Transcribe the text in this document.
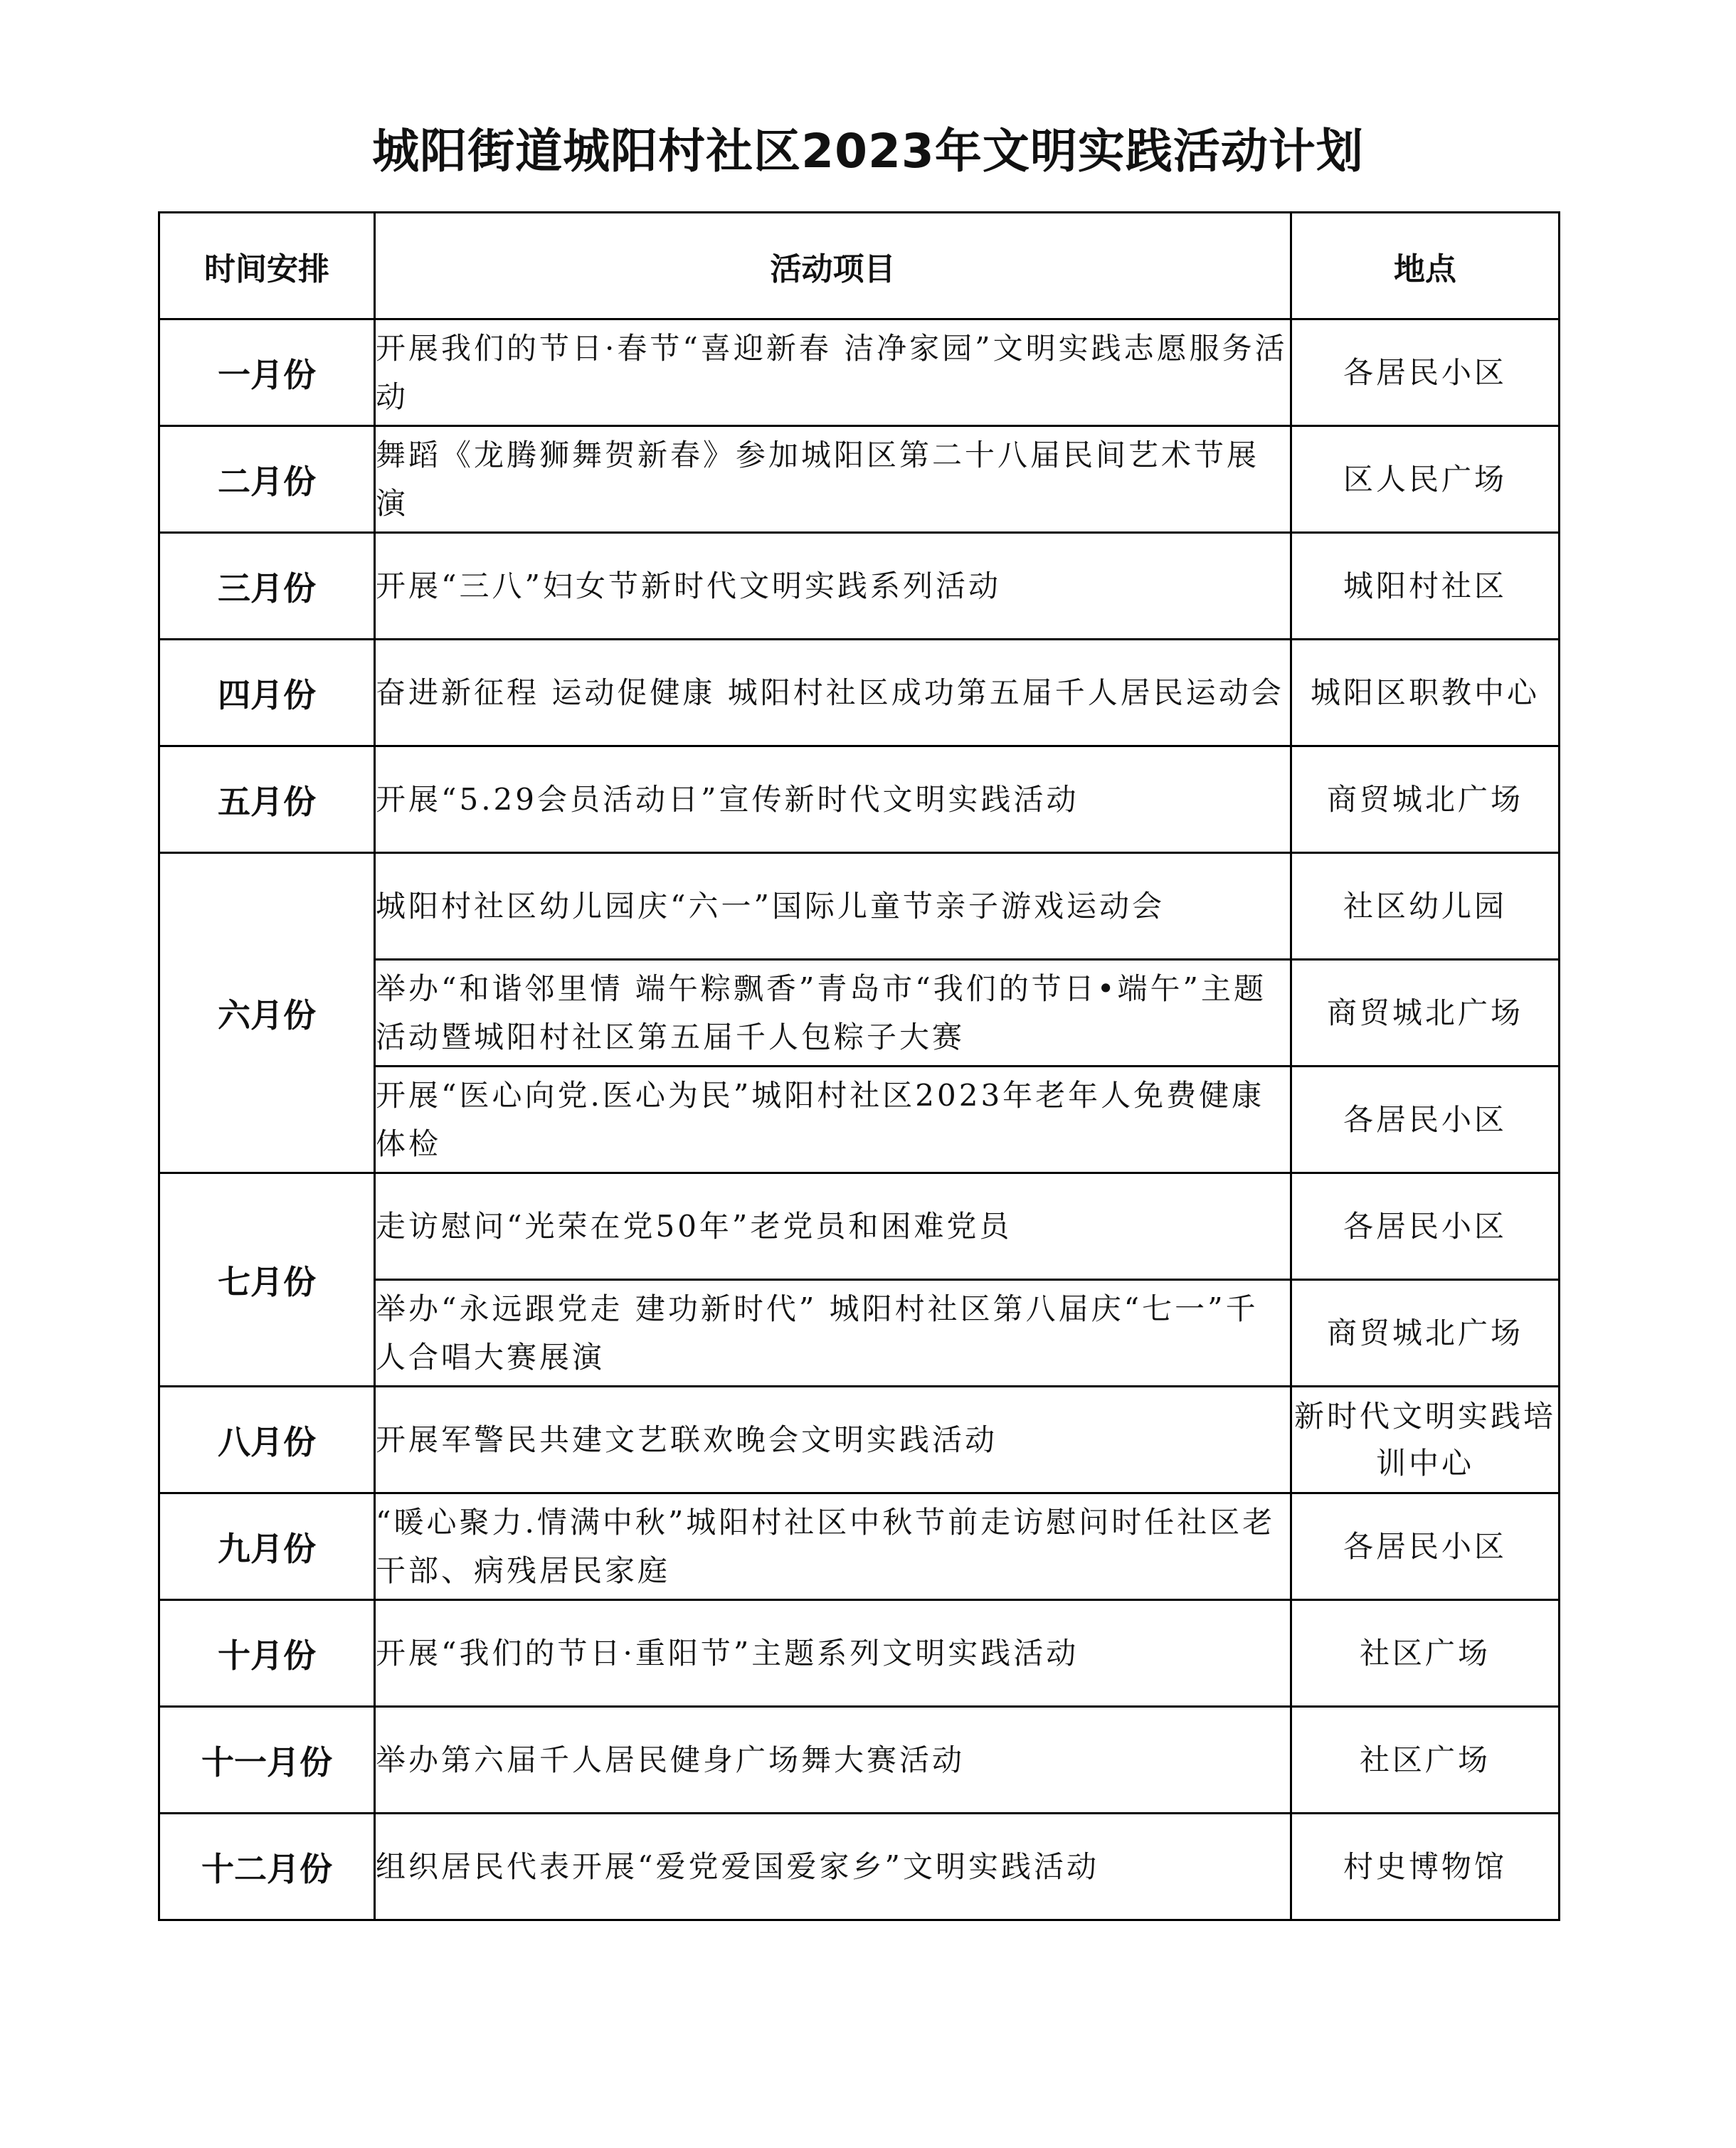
城阳街道城阳村社区2023年文明实践活动计划
时间安排	活动项目	地点
一月份	开展我们的节日·春节“喜迎新春 洁净家园”文明实践志愿服务活动	各居民小区
二月份	舞蹈《龙腾狮舞贺新春》参加城阳区第二十八届民间艺术节展演	区人民广场
三月份	开展“三八”妇女节新时代文明实践系列活动	城阳村社区
四月份	奋进新征程 运动促健康 城阳村社区成功第五届千人居民运动会	城阳区职教中心
五月份	开展“5.29会员活动日”宣传新时代文明实践活动	商贸城北广场
六月份	城阳村社区幼儿园庆“六一”国际儿童节亲子游戏运动会	社区幼儿园
	举办“和谐邻里情 端午粽飘香”青岛市“我们的节日•端午”主题活动暨城阳村社区第五届千人包粽子大赛	商贸城北广场
	开展“医心向党.医心为民”城阳村社区2023年老年人免费健康体检	各居民小区
七月份	走访慰问“光荣在党50年”老党员和困难党员	各居民小区
	举办“永远跟党走 建功新时代” 城阳村社区第八届庆“七一”千人合唱大赛展演	商贸城北广场
八月份	开展军警民共建文艺联欢晚会文明实践活动	新时代文明实践培训中心
九月份	“暖心聚力.情满中秋”城阳村社区中秋节前走访慰问时任社区老干部、病残居民家庭	各居民小区
十月份	开展“我们的节日·重阳节”主题系列文明实践活动	社区广场
十一月份	举办第六届千人居民健身广场舞大赛活动	社区广场
十二月份	组织居民代表开展“爱党爱国爱家乡”文明实践活动	村史博物馆
